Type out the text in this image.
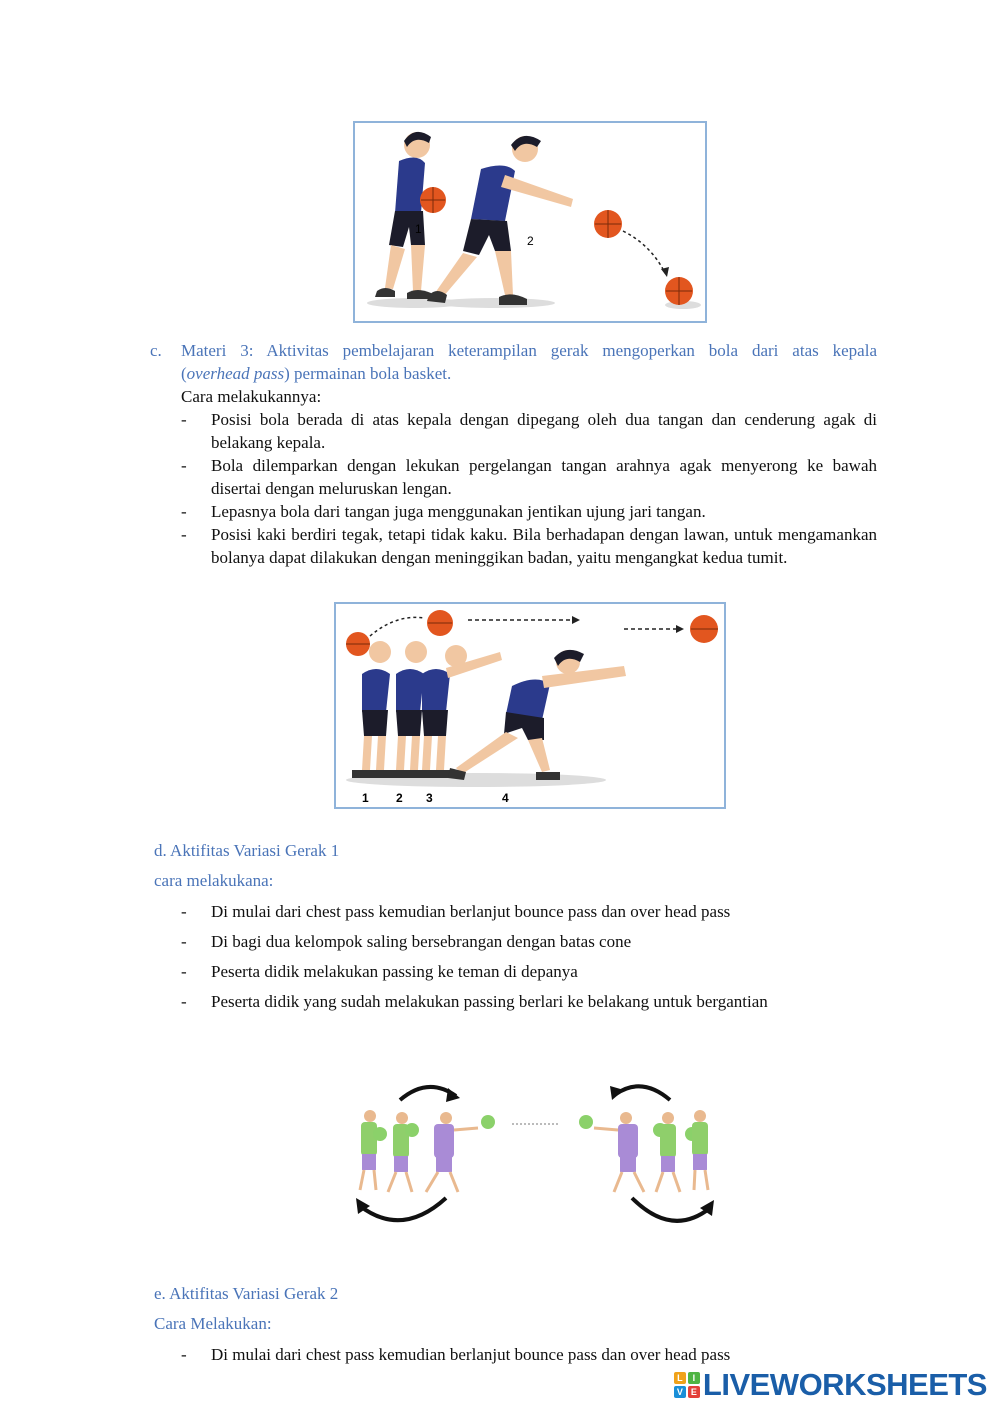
1
2
c. Materi 3: Aktivitas pembelajaran keterampilan gerak mengoperkan bola dari atas kepala
(overhead pass) permainan bola basket.
Cara melakukannya:
- Posisi bola berada di atas kepala dengan dipegang oleh dua tangan dan cenderung agak di belakang kepala.
- Bola dilemparkan dengan lekukan pergelangan tangan arahnya agak menyerong ke bawah disertai dengan meluruskan lengan.
- Lepasnya bola dari tangan juga menggunakan jentikan ujung jari tangan.
- Posisi kaki berdiri tegak, tetapi tidak kaku. Bila berhadapan dengan lawan, untuk mengamankan bolanya dapat dilakukan dengan meninggikan badan, yaitu mengangkat kedua tumit.
1 2 3	4
d. Aktifitas Variasi Gerak 1
cara melakukana:
- Di mulai dari chest pass kemudian berlanjut bounce pass dan over head pass
- Di bagi dua kelompok saling bersebrangan dengan batas cone
- Peserta didik melakukan passing ke teman di depanya
- Peserta didik yang sudah melakukan passing berlari ke belakang untuk bergantian
e. Aktifitas Variasi Gerak 2
Cara Melakukan:
- Di mulai dari chest pass kemudian berlanjut bounce pass dan over head pass
L	I
V E LIVEWORKSHEETS
